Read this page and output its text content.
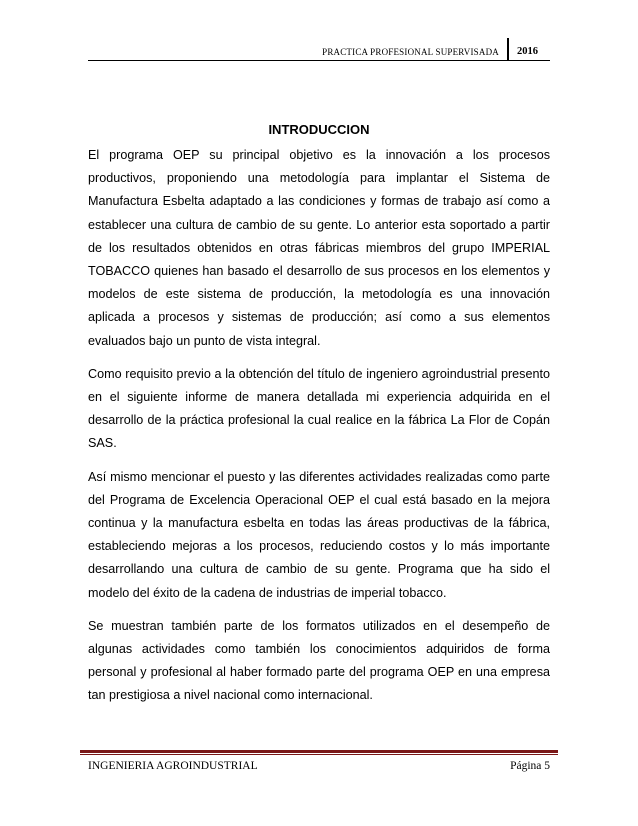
PRACTICA PROFESIONAL SUPERVISADA	2016
INTRODUCCION

El programa OEP su principal objetivo es la innovación a los procesos productivos, proponiendo una metodología para implantar el Sistema de Manufactura Esbelta adaptado a las condiciones y formas de trabajo así como a establecer una cultura de cambio de su gente. Lo anterior esta soportado a partir de los resultados obtenidos en otras fábricas miembros del grupo IMPERIAL TOBACCO quienes han basado el desarrollo de sus procesos en los elementos y modelos de este sistema de producción, la metodología es una innovación aplicada a procesos y sistemas de producción; así como a sus elementos evaluados bajo un punto de vista integral.

Como requisito previo a la obtención del título de ingeniero agroindustrial presento en el siguiente informe de manera detallada mi experiencia adquirida en el desarrollo de la práctica profesional la cual realice en la fábrica La Flor de Copán SAS.

Así mismo mencionar el puesto y las diferentes actividades realizadas como parte del Programa de Excelencia Operacional OEP el cual está basado en la mejora continua y la manufactura esbelta en todas las áreas productivas de la fábrica, estableciendo mejoras a los procesos, reduciendo costos y lo más importante desarrollando una cultura de cambio de su gente. Programa que ha sido el modelo del éxito de la cadena de industrias de imperial tobacco.

Se muestran también parte de los formatos utilizados en el desempeño de algunas actividades como también los conocimientos adquiridos de forma personal y profesional al haber formado parte del programa OEP en una empresa tan prestigiosa a nivel nacional como internacional.

INGENIERIA AGROINDUSTRIAL	Página 5
